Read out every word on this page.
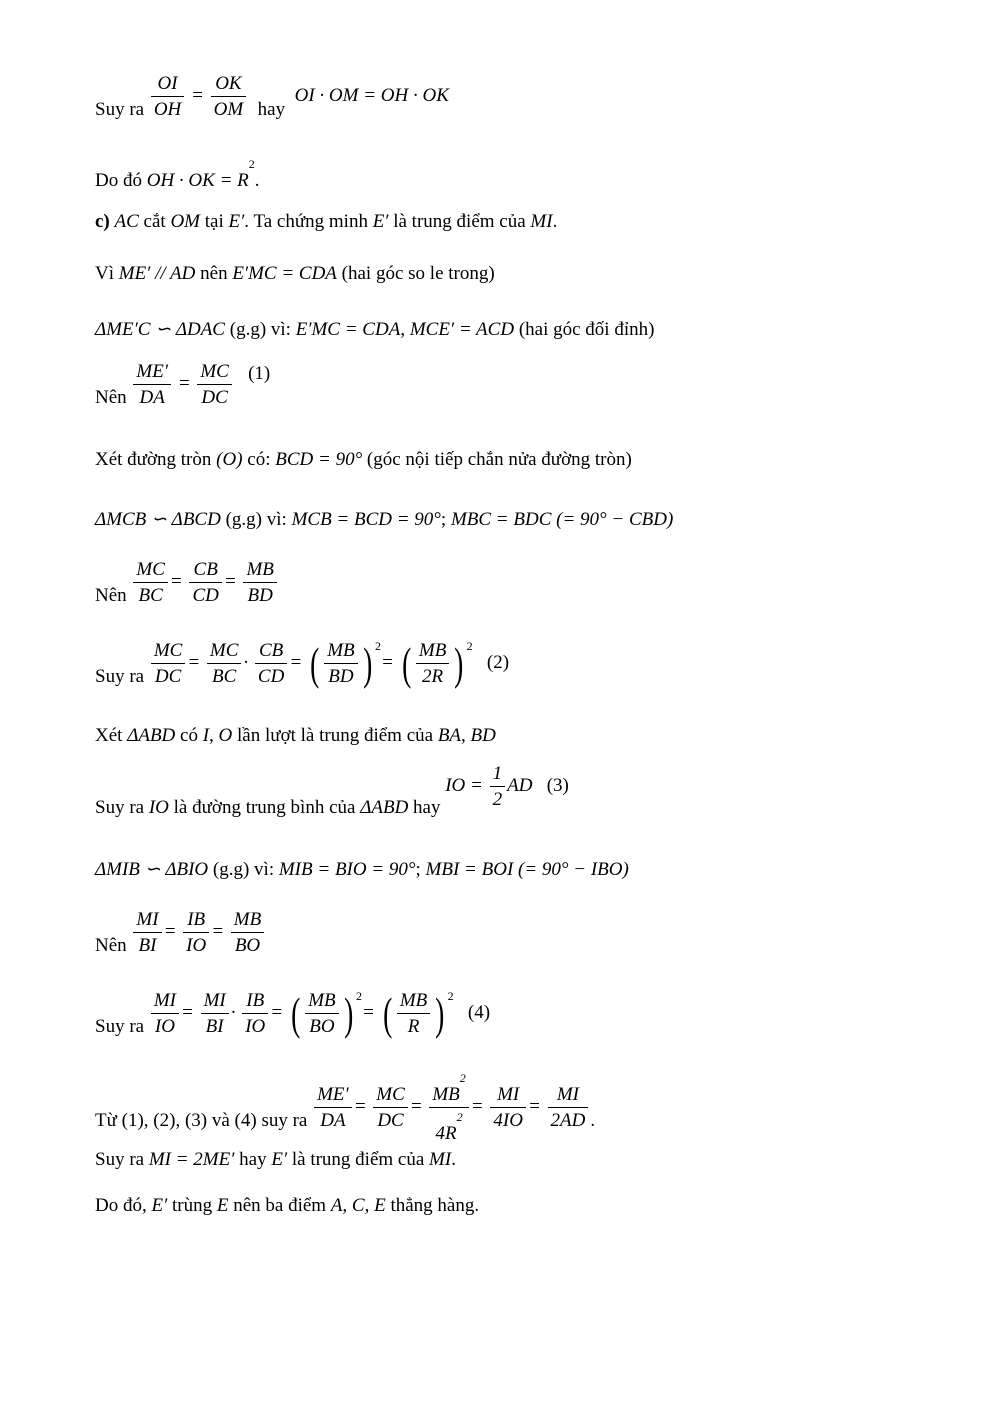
Suy ra $\frac{OI}{OH} = \frac{OK}{OM}$ hay  OI · OM = OH · OK
Do đó OH · OK = $R^2$.
c) AC cắt OM tại E′. Ta chứng minh E′ là trung điểm của MI.
Vì ME′ // AD nên E′MC = CDA (hai góc so le trong)
ΔME′C ∽ ΔDAC (g.g) vì: E′MC = CDA, MCE′ = ACD (hai góc đối đỉnh)
Nên $\frac{ME'}{DA} = \frac{MC}{DC} (1)$
Xét đường tròn (O) có: BCD = 90° (góc nội tiếp chắn nửa đường tròn)
ΔMCB ∽ ΔBCD (g.g) vì: MCB = BCD = 90°; MBC = BDC (= 90° − CBD)
Nên $\frac{MC}{BC} = \frac{CB}{CD} = \frac{MB}{BD}$
Suy ra $\frac{MC}{DC} = \frac{MC}{BC} \cdot \frac{CB}{CD}$ = ( $\frac{MB}{BD}$ ) $^2$= ( $\frac{MB}{2R}$ ) $^2$   (2)
Xét ΔABD có I, O lần lượt là trung điểm của BA, BD
Suy ra IO là đường trung bình của ΔABD hay IO = $\frac{1}{2}$ AD   (3)
ΔMIB ∽ ΔBIO (g.g) vì: MIB = BIO = 90°; MBI = BOI (= 90° − IBO)
Nên $\frac{MI}{BI} = \frac{IB}{IO} = \frac{MB}{BO}$
Suy ra $\frac{MI}{IO} = \frac{MI}{BI} \cdot \frac{IB}{IO}$ = ( $\frac{MB}{BO}$ ) $^2$= ( $\frac{MB}{R}$ ) $^2$   (4)
Từ (1), (2), (3) và (4) suy ra $\frac{ME'}{DA} = \frac{MC}{DC} = \frac{MB^2}{4R^2} = \frac{MI}{4IO} = \frac{MI}{2AD}$ .
Suy ra MI = 2ME′ hay E′ là trung điểm của MI.
Do đó, E′ trùng E nên ba điểm A, C, E thẳng hàng.
